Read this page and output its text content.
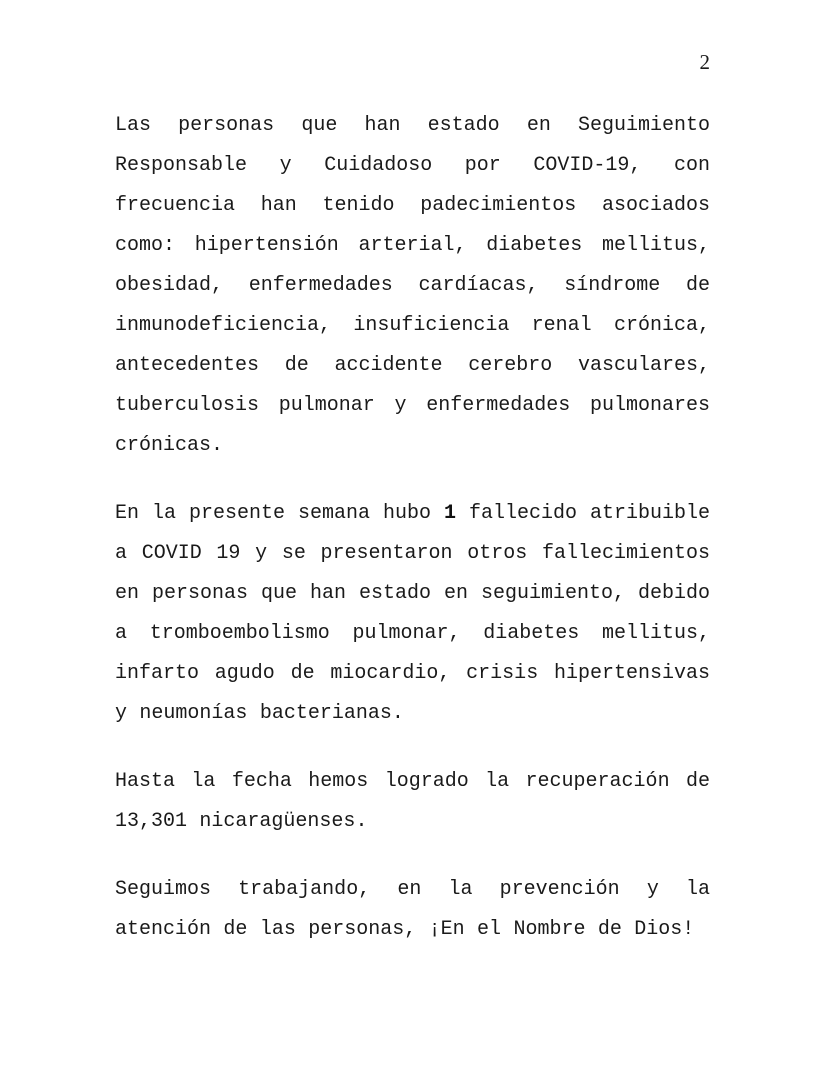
2

Las personas que han estado en Seguimiento Responsable y Cuidadoso por COVID-19, con frecuencia han tenido padecimientos asociados como: hipertensión arterial, diabetes mellitus, obesidad, enfermedades cardíacas, síndrome de inmunodeficiencia, insuficiencia renal crónica, antecedentes de accidente cerebro vasculares, tuberculosis pulmonar y enfermedades pulmonares crónicas.

En la presente semana hubo 1 fallecido atribuible a COVID 19 y se presentaron otros fallecimientos en personas que han estado en seguimiento, debido a tromboembolismo pulmonar, diabetes mellitus, infarto agudo de miocardio, crisis hipertensivas y neumonías bacterianas.

Hasta la fecha hemos logrado la recuperación de 13,301 nicaragüenses.

Seguimos trabajando, en la prevención y la atención de las personas, ¡En el Nombre de Dios!
